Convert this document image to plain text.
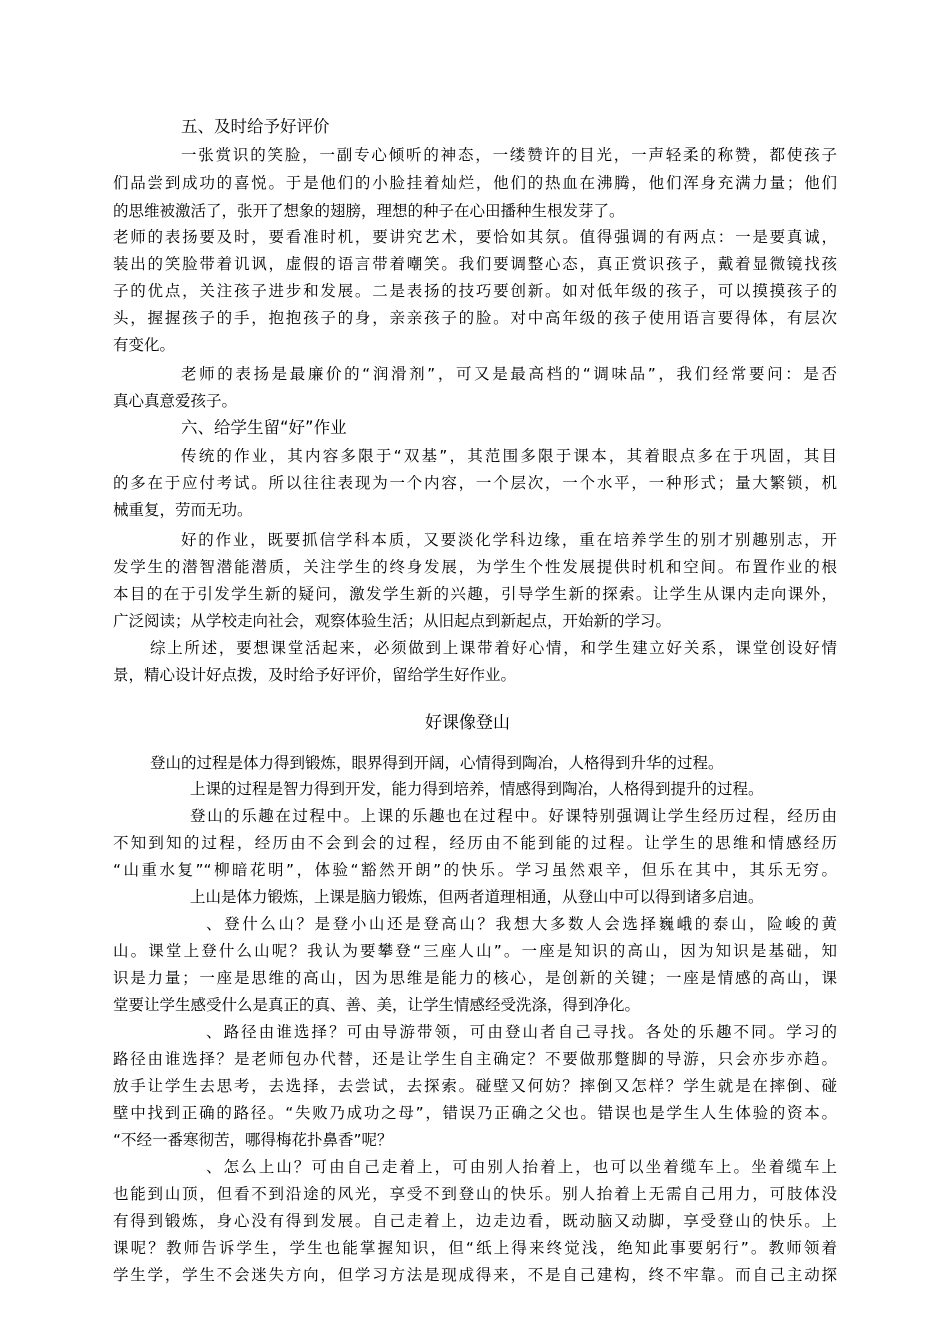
五、及时给予好评价
一张赏识的笑脸，一副专心倾听的神态，一缕赞许的目光，一声轻柔的称赞，都使孩子
们品尝到成功的喜悦。于是他们的小脸挂着灿烂，他们的热血在沸腾，他们浑身充满力量；他们
的思维被激活了，张开了想象的翅膀，理想的种子在心田播种生根发芽了。
老师的表扬要及时，要看准时机，要讲究艺术，要恰如其氛。值得强调的有两点：一是要真诚，
装出的笑脸带着讥讽，虚假的语言带着嘲笑。我们要调整心态，真正赏识孩子，戴着显微镜找孩
子的优点，关注孩子进步和发展。二是表扬的技巧要创新。如对低年级的孩子，可以摸摸孩子的
头，握握孩子的手，抱抱孩子的身，亲亲孩子的脸。对中高年级的孩子使用语言要得体，有层次
有变化。
老师的表扬是最廉价的“润滑剂”，可又是最高档的“调味品”，我们经常要问：是否
真心真意爱孩子。
六、给学生留“好”作业
传统的作业，其内容多限于“双基”，其范围多限于课本，其着眼点多在于巩固，其目
的多在于应付考试。所以往往表现为一个内容，一个层次，一个水平，一种形式；量大繁锁，机
械重复，劳而无功。
好的作业，既要抓信学科本质，又要淡化学科边缘，重在培养学生的别才别趣别志，开
发学生的潜智潜能潜质，关注学生的终身发展，为学生个性发展提供时机和空间。布置作业的根
本目的在于引发学生新的疑问，激发学生新的兴趣，引导学生新的探索。让学生从课内走向课外，
广泛阅读；从学校走向社会，观察体验生活；从旧起点到新起点，开始新的学习。
综上所述，要想课堂活起来，必须做到上课带着好心情，和学生建立好关系，课堂创设好情
景，精心设计好点拨，及时给予好评价，留给学生好作业。
好课像登山
登山的过程是体力得到锻炼，眼界得到开阔，心情得到陶冶，人格得到升华的过程。
上课的过程是智力得到开发，能力得到培养，情感得到陶冶，人格得到提升的过程。
登山的乐趣在过程中。上课的乐趣也在过程中。好课特别强调让学生经历过程，经历由
不知到知的过程，经历由不会到会的过程，经历由不能到能的过程。让学生的思维和情感经历
“山重水复”“柳暗花明”，体验“豁然开朗”的快乐。学习虽然艰辛，但乐在其中，其乐无穷。
上山是体力锻炼，上课是脑力锻炼，但两者道理相通，从登山中可以得到诸多启迪。
、登什么山？是登小山还是登高山？我想大多数人会选择巍峨的泰山，险峻的黄
山。课堂上登什么山呢？我认为要攀登“三座人山”。一座是知识的高山，因为知识是基础，知
识是力量；一座是思维的高山，因为思维是能力的核心，是创新的关键；一座是情感的高山，课
堂要让学生感受什么是真正的真、善、美，让学生情感经受洗涤，得到净化。
、路径由谁选择？可由导游带领，可由登山者自己寻找。各处的乐趣不同。学习的
路径由谁选择？是老师包办代替，还是让学生自主确定？不要做那蹩脚的导游，只会亦步亦趋。
放手让学生去思考，去选择，去尝试，去探索。碰壁又何妨？摔倒又怎样？学生就是在摔倒、碰
壁中找到正确的路径。“失败乃成功之母”，错误乃正确之父也。错误也是学生人生体验的资本。
“不经一番寒彻苦，哪得梅花扑鼻香”呢？
、怎么上山？可由自己走着上，可由别人抬着上，也可以坐着缆车上。坐着缆车上
也能到山顶，但看不到沿途的风光，享受不到登山的快乐。别人抬着上无需自己用力，可肢体没
有得到锻炼，身心没有得到发展。自己走着上，边走边看，既动脑又动脚，享受登山的快乐。上
课呢？教师告诉学生，学生也能掌握知识，但“纸上得来终觉浅，绝知此事要躬行”。教师领着
学生学，学生不会迷失方向，但学习方法是现成得来，不是自己建构，终不牢靠。而自己主动探
